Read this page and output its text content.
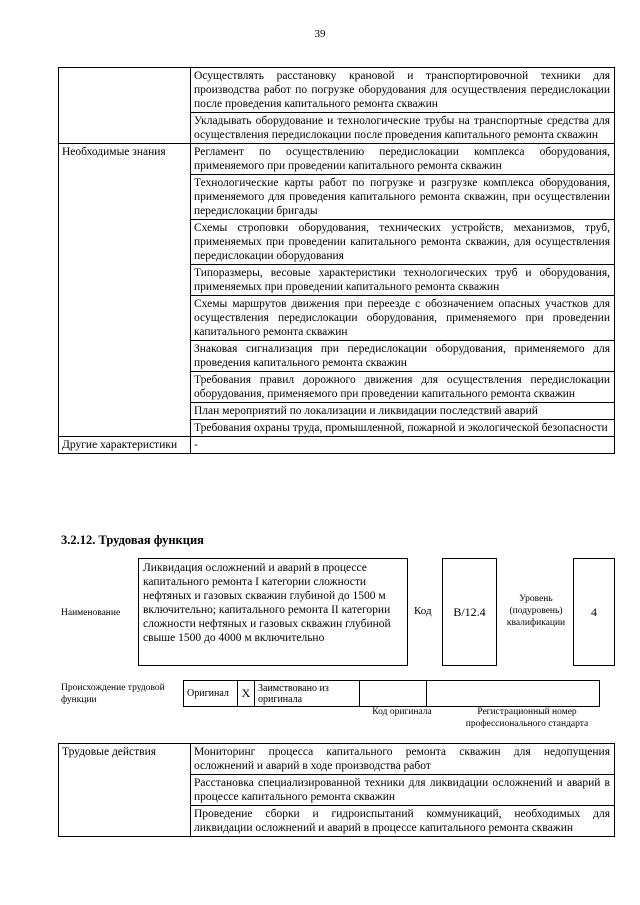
39
	Осуществлять расстановку крановой и транспортировочной техники для производства работ по погрузке оборудования для осуществления передислокации после проведения капитального ремонта скважин
	Укладывать оборудование и технологические трубы на транспортные средства для осуществления передислокации после проведения капитального ремонта скважин
Необходимые знания	Регламент по осуществлению передислокации комплекса оборудования, применяемого при проведении капитального ремонта скважин
	Технологические карты работ по погрузке и разгрузке комплекса оборудования, применяемого для проведения капитального ремонта скважин, при осуществлении передислокации бригады
	Схемы строповки оборудования, технических устройств, механизмов, труб, применяемых при проведении капитального ремонта скважин, для осуществления передислокации оборудования
	Типоразмеры, весовые характеристики технологических труб и оборудования, применяемых при проведении капитального ремонта скважин
	Схемы маршрутов движения при переезде с обозначением опасных участков для осуществления передислокации оборудования, применяемого при проведении капитального ремонта скважин
	Знаковая сигнализация при передислокации оборудования, применяемого для проведения капитального ремонта скважин
	Требования правил дорожного движения для осуществления передислокации оборудования, применяемого при проведении капитального ремонта скважин
	План мероприятий по локализации и ликвидации последствий аварий
	Требования охраны труда, промышленной, пожарной и экологической безопасности
Другие характеристики	-
3.2.12. Трудовая функция
Наименование
Ликвидация осложнений и аварий в процессе капитального ремонта I категории сложности нефтяных и газовых скважин глубиной до 1500 м включительно; капитального ремонта II категории сложности нефтяных и газовых скважин глубиной свыше 1500 до 4000 м включительно
Код	B/12.4
Уровень (подуровень) квалификации
4
Происхождение трудовой функции
Оригинал	X	Заимствовано из оригинала		
Код оригинала	Регистрационный номер профессионального стандарта
Трудовые действия	Мониторинг процесса капитального ремонта скважин для недопущения осложнений и аварий в ходе производства работ
Расстановка специализированной техники для ликвидации осложнений и аварий в процессе капитального ремонта скважин
Проведение сборки и гидроиспытаний коммуникаций, необходимых для ликвидации осложнений и аварий в процессе капитального ремонта скважин
